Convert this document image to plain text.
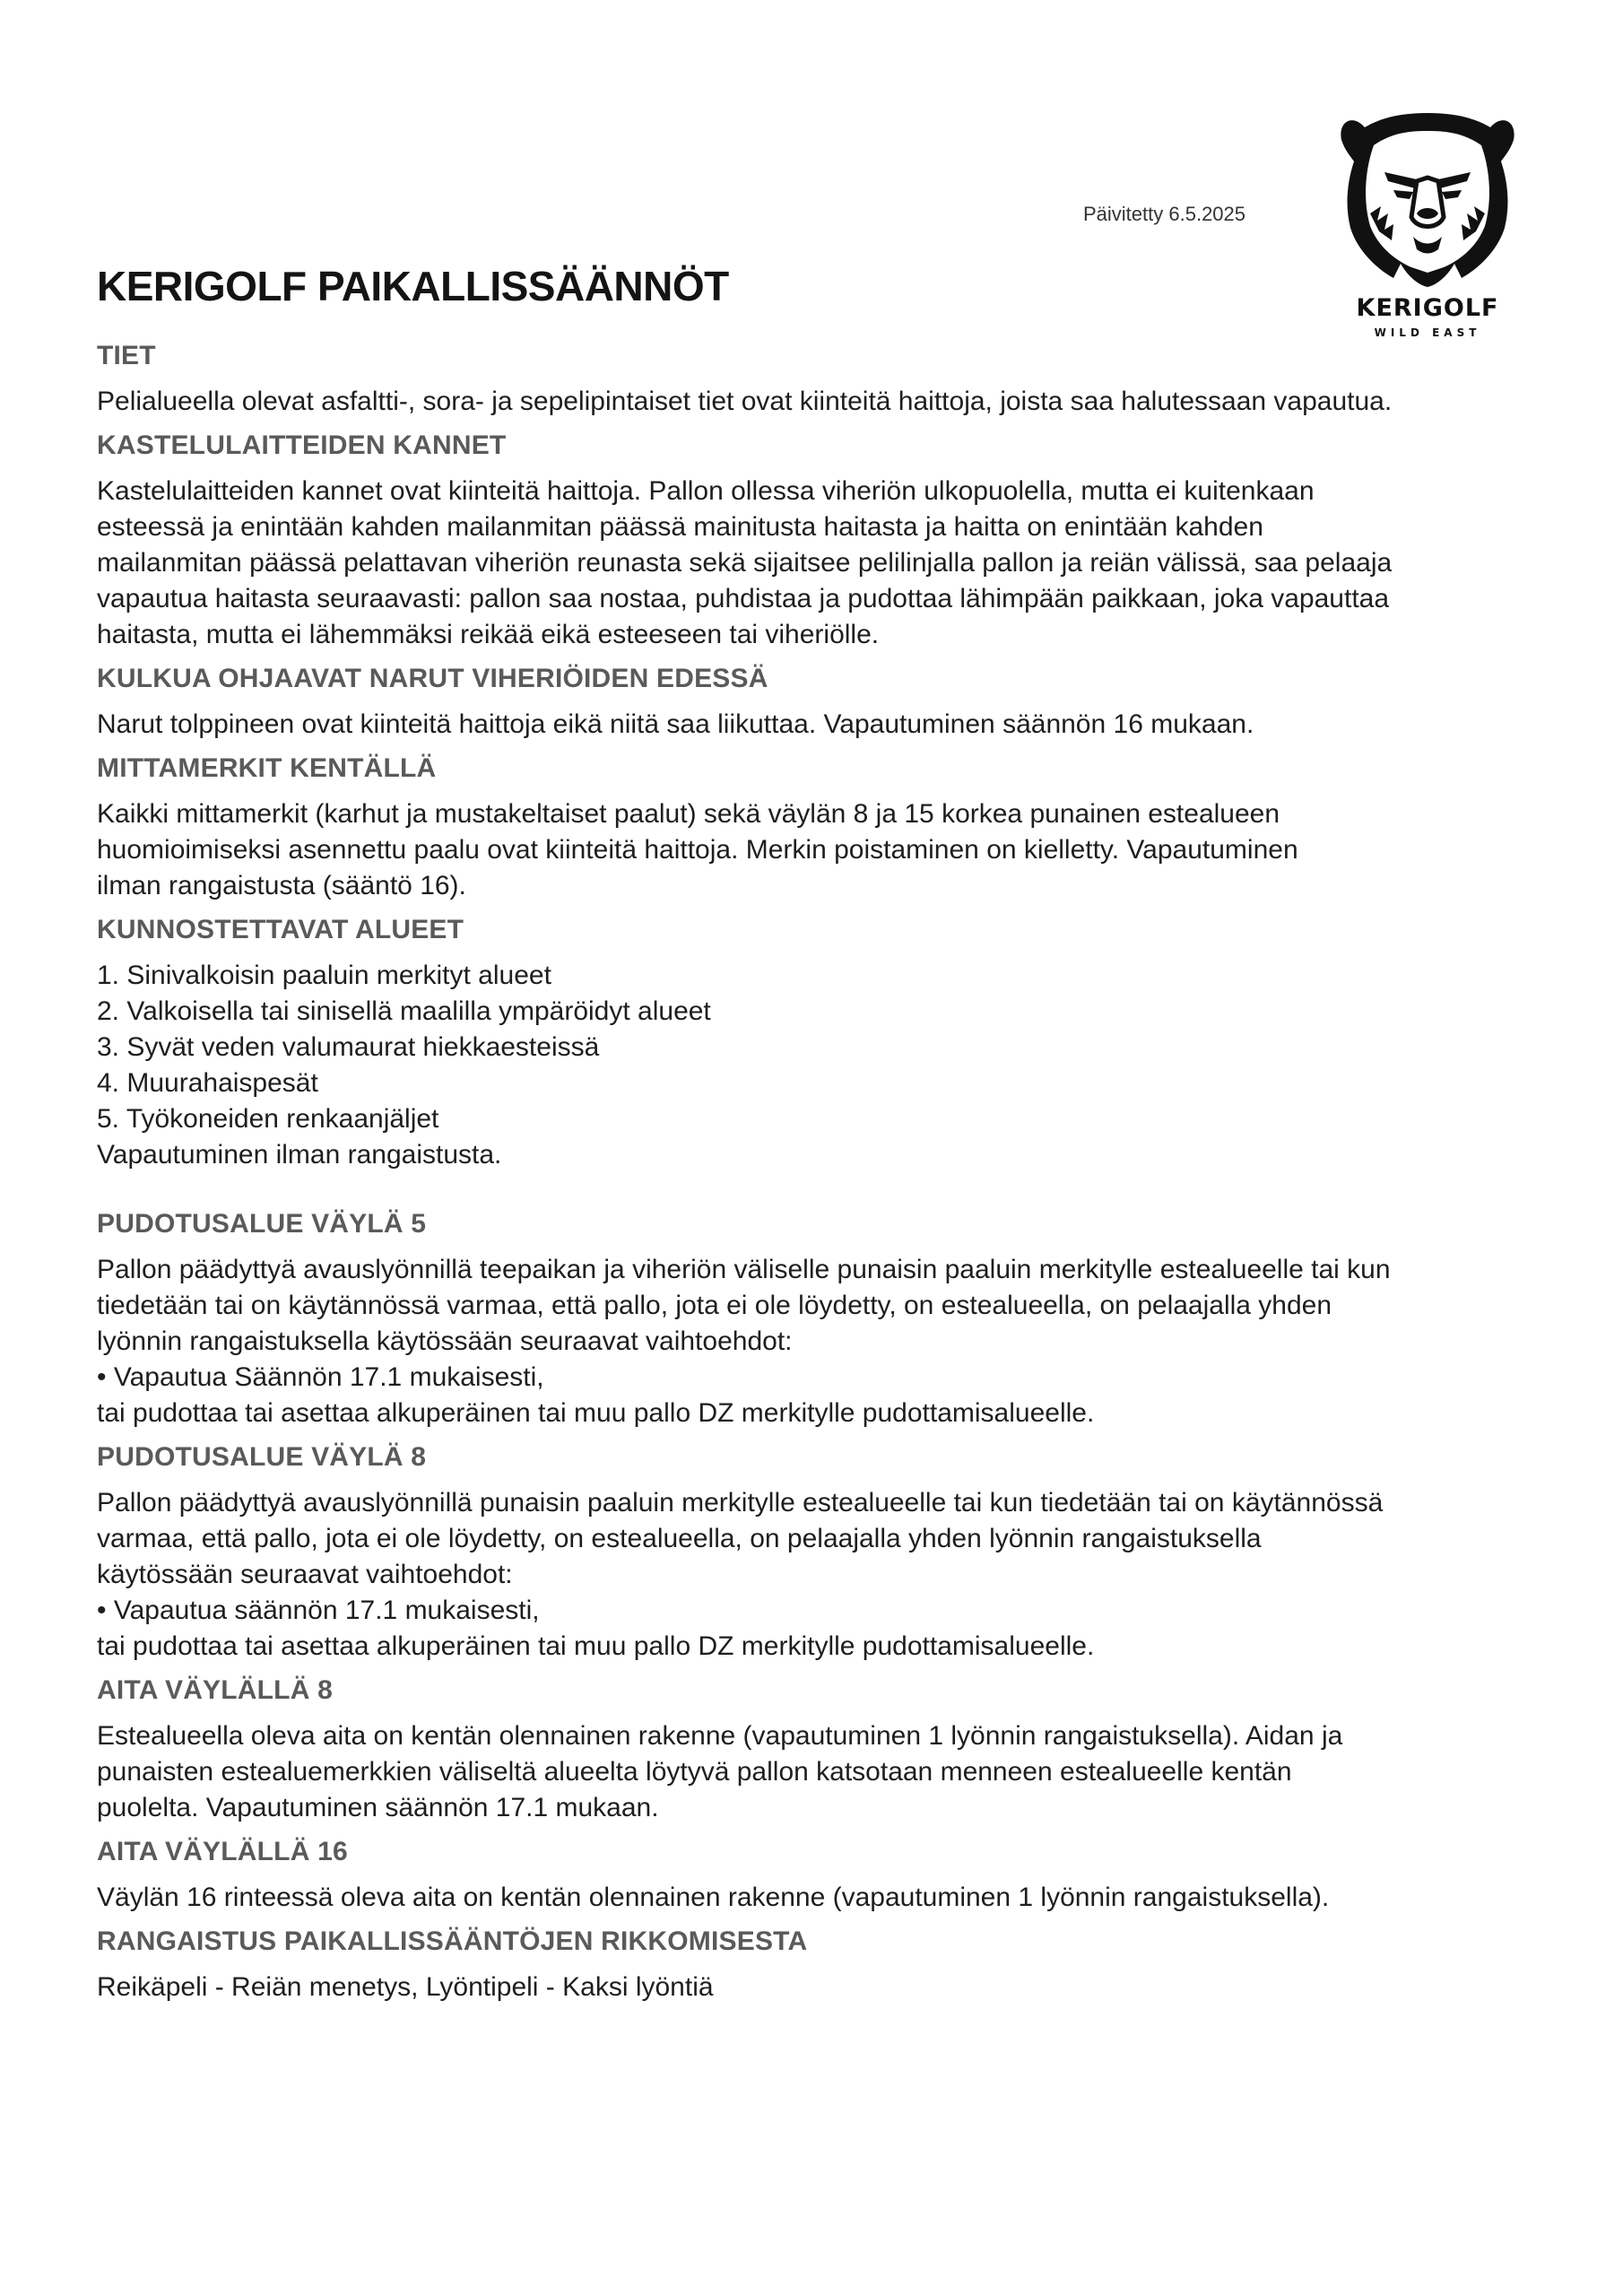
Päivitetty 6.5.2025
KERIGOLF
WILD EAST
KERIGOLF PAIKALLISSÄÄNNÖT
TIET
Pelialueella olevat asfaltti-, sora- ja sepelipintaiset tiet ovat kiinteitä haittoja, joista saa halutessaan vapautua.
KASTELULAITTEIDEN KANNET
Kastelulaitteiden kannet ovat kiinteitä haittoja. Pallon ollessa viheriön ulkopuolella, mutta ei kuitenkaan
esteessä ja enintään kahden mailanmitan päässä mainitusta haitasta ja haitta on enintään kahden
mailanmitan päässä pelattavan viheriön reunasta sekä sijaitsee pelilinjalla pallon ja reiän välissä, saa pelaaja
vapautua haitasta seuraavasti: pallon saa nostaa, puhdistaa ja pudottaa lähimpään paikkaan, joka vapauttaa
haitasta, mutta ei lähemmäksi reikää eikä esteeseen tai viheriölle.
KULKUA OHJAAVAT NARUT VIHERIÖIDEN EDESSÄ
Narut tolppineen ovat kiinteitä haittoja eikä niitä saa liikuttaa. Vapautuminen säännön 16 mukaan.
MITTAMERKIT KENTÄLLÄ
Kaikki mittamerkit (karhut ja mustakeltaiset paalut) sekä väylän 8 ja 15 korkea punainen estealueen
huomioimiseksi asennettu paalu ovat kiinteitä haittoja. Merkin poistaminen on kielletty. Vapautuminen
ilman rangaistusta (sääntö 16).
KUNNOSTETTAVAT ALUEET
1. Sinivalkoisin paaluin merkityt alueet
2. Valkoisella tai sinisellä maalilla ympäröidyt alueet
3. Syvät veden valumaurat hiekkaesteissä
4. Muurahaispesät
5. Työkoneiden renkaanjäljet
Vapautuminen ilman rangaistusta.
PUDOTUSALUE VÄYLÄ 5
Pallon päädyttyä avauslyönnillä teepaikan ja viheriön väliselle punaisin paaluin merkitylle estealueelle tai kun
tiedetään tai on käytännössä varmaa, että pallo, jota ei ole löydetty, on estealueella, on pelaajalla yhden
lyönnin rangaistuksella käytössään seuraavat vaihtoehdot:
• Vapautua Säännön 17.1 mukaisesti,
tai pudottaa tai asettaa alkuperäinen tai muu pallo DZ merkitylle pudottamisalueelle.
PUDOTUSALUE VÄYLÄ 8
Pallon päädyttyä avauslyönnillä punaisin paaluin merkitylle estealueelle tai kun tiedetään tai on käytännössä
varmaa, että pallo, jota ei ole löydetty, on estealueella, on pelaajalla yhden lyönnin rangaistuksella
käytössään seuraavat vaihtoehdot:
• Vapautua säännön 17.1 mukaisesti,
tai pudottaa tai asettaa alkuperäinen tai muu pallo DZ merkitylle pudottamisalueelle.
AITA VÄYLÄLLÄ 8
Estealueella oleva aita on kentän olennainen rakenne (vapautuminen 1 lyönnin rangaistuksella). Aidan ja
punaisten estealuemerkkien väliseltä alueelta löytyvä pallon katsotaan menneen estealueelle kentän
puolelta. Vapautuminen säännön 17.1 mukaan.
AITA VÄYLÄLLÄ 16
Väylän 16 rinteessä oleva aita on kentän olennainen rakenne (vapautuminen 1 lyönnin rangaistuksella).
RANGAISTUS PAIKALLISSÄÄNTÖJEN RIKKOMISESTA
Reikäpeli - Reiän menetys, Lyöntipeli - Kaksi lyöntiä
